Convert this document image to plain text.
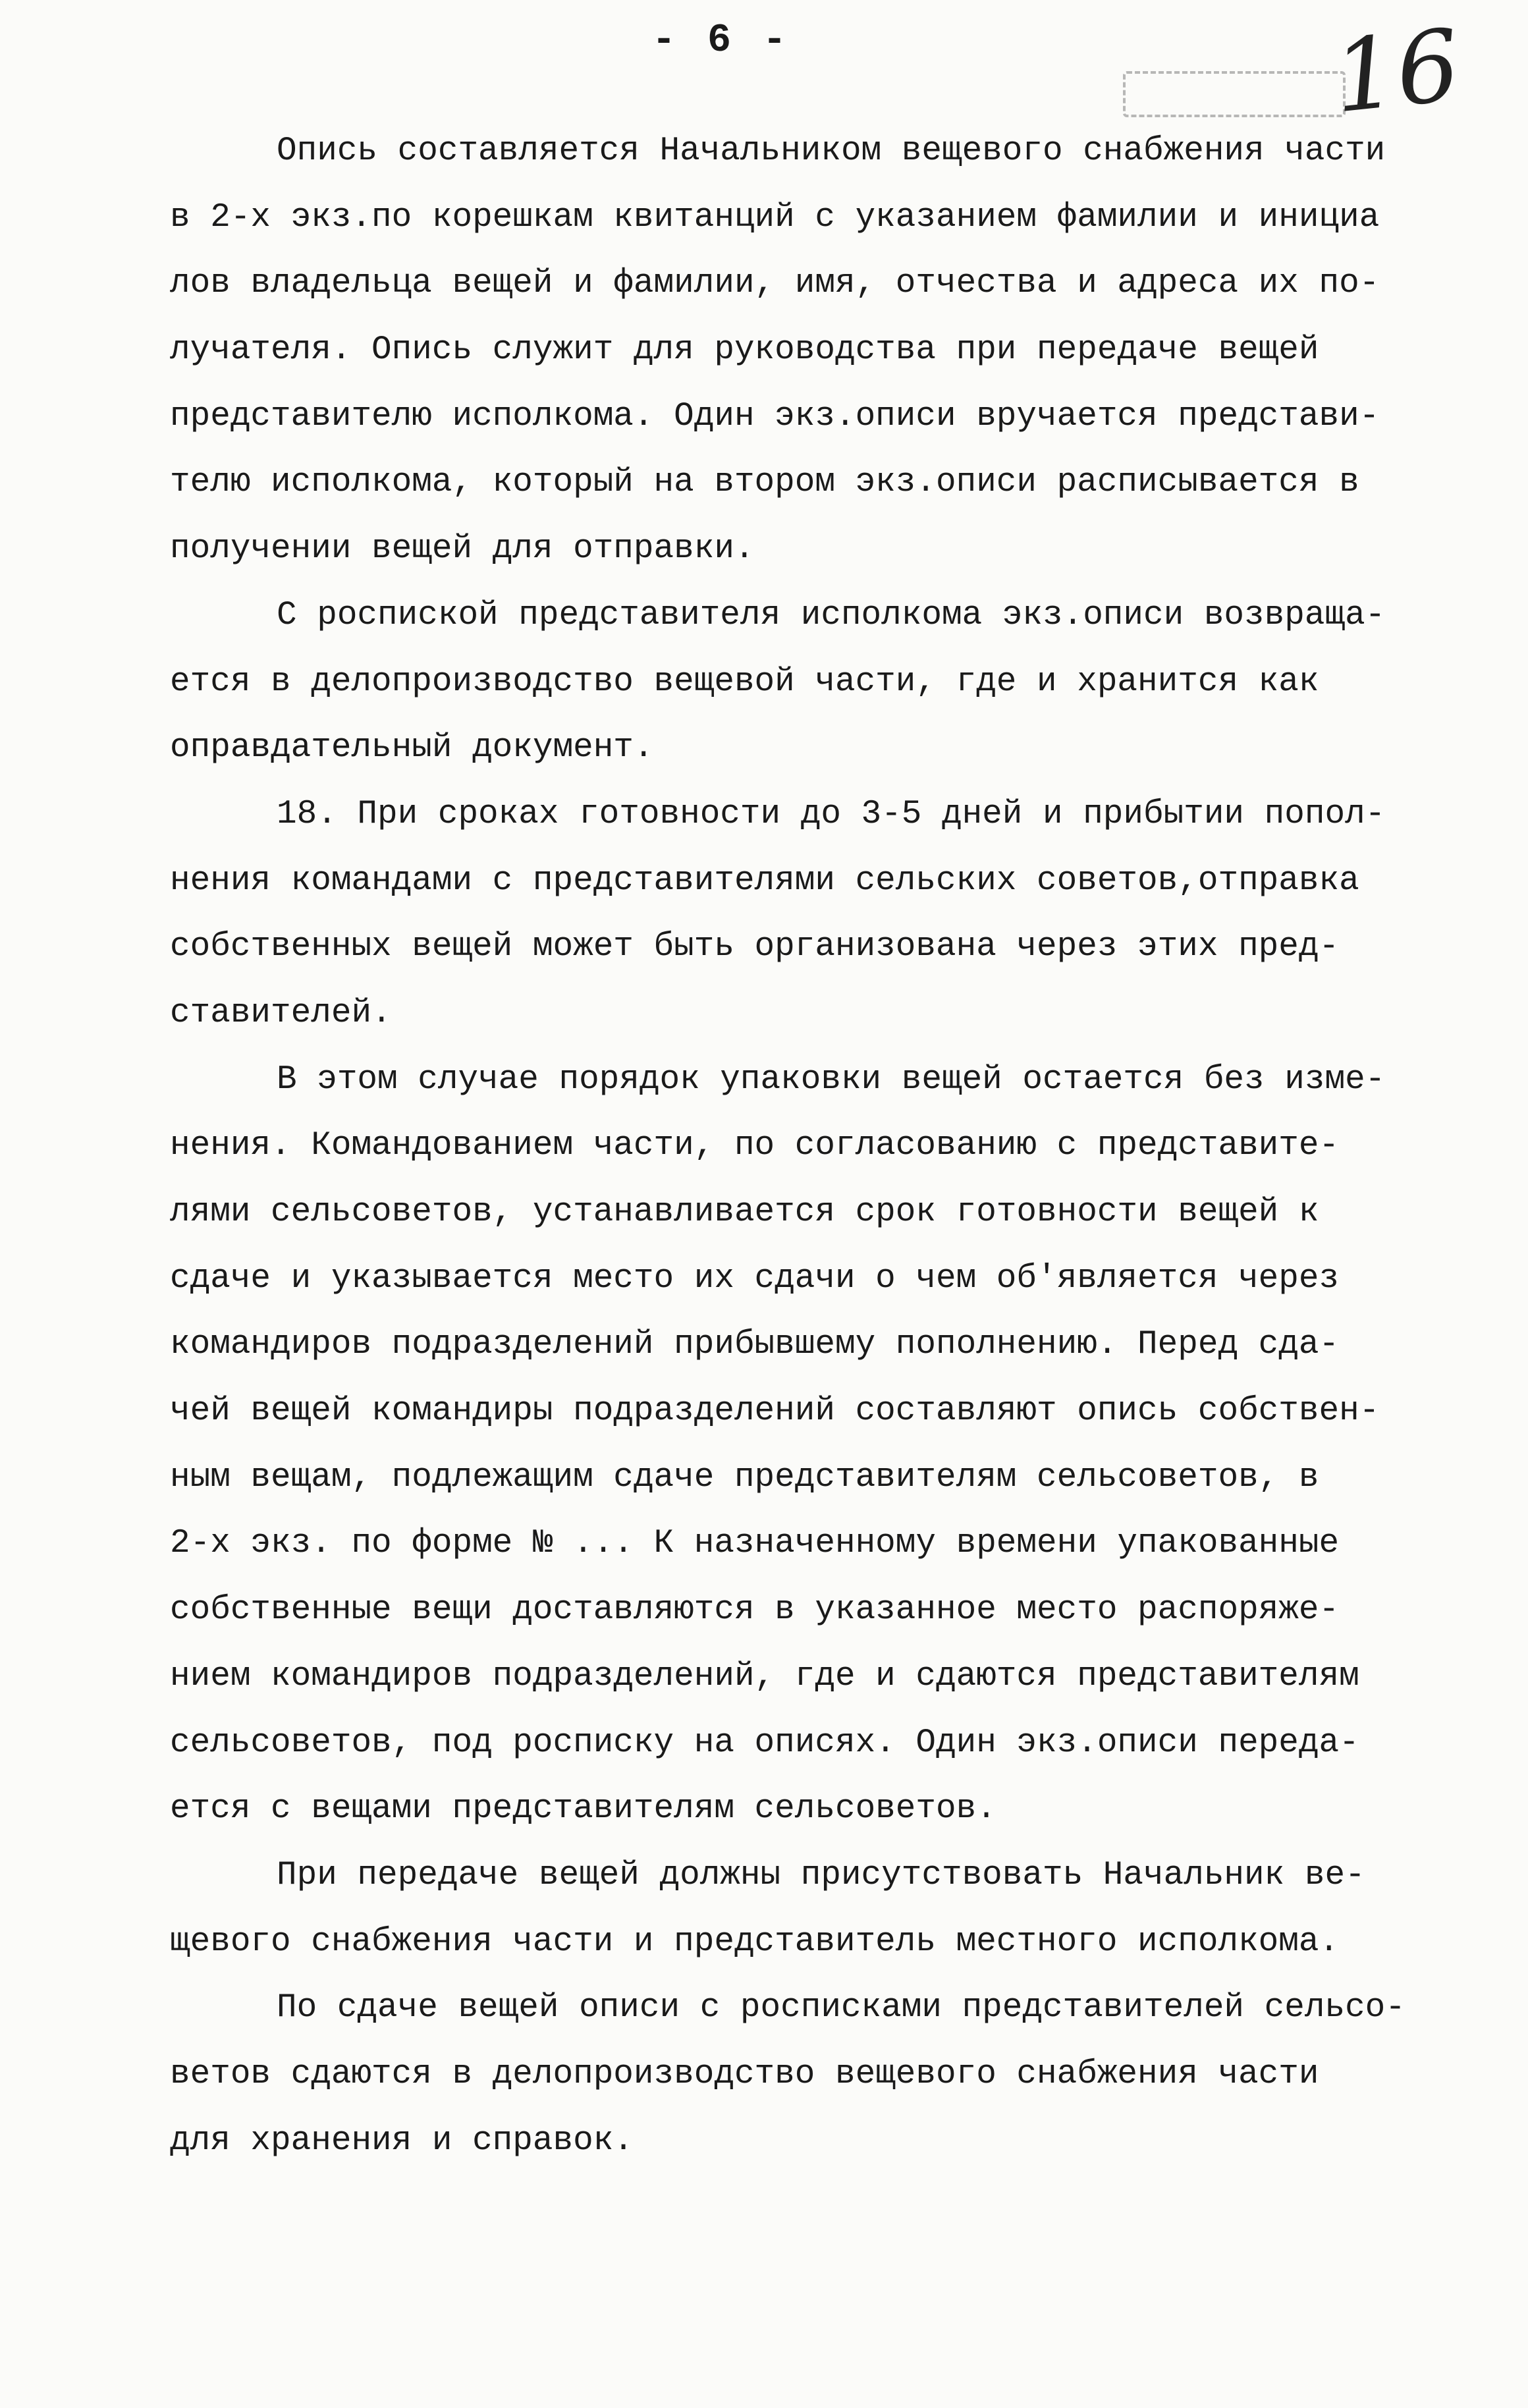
- 6 -	16
Опись составляется Начальником вещевого снабжения части
в 2-х экз.по корешкам квитанций с указанием фамилии и инициа
лов владельца вещей и фамилии, имя, отчества и адреса их по-
лучателя. Опись служит для руководства при передаче вещей
представителю исполкома. Один экз.описи вручается представи-
телю исполкома, который на втором экз.описи расписывается в
получении вещей для отправки.
С роспиской представителя исполкома экз.описи возвраща-
ется в делопроизводство вещевой части, где и хранится как
оправдательный документ.
18. При сроках готовности до 3-5 дней и прибытии попол-
нения командами с представителями сельских советов,отправка
собственных вещей может быть организована через этих пред-
ставителей.
В этом случае порядок упаковки вещей остается без изме-
нения. Командованием части, по согласованию с представите-
лями сельсоветов, устанавливается срок готовности вещей к
сдаче и указывается место их сдачи о чем об'является через
командиров подразделений прибывшему пополнению. Перед сда-
чей вещей командиры подразделений составляют опись собствен-
ным вещам, подлежащим сдаче представителям сельсоветов, в
2-х экз. по форме № ... К назначенному времени упакованные
собственные вещи доставляются в указанное место распоряже-
нием командиров подразделений, где и сдаются представителям
сельсоветов, под росписку на описях. Один экз.описи переда-
ется с вещами представителям сельсоветов.
При передаче вещей должны присутствовать Начальник ве-
щевого снабжения части и представитель местного исполкома.
По сдаче вещей описи с росписками представителей сельсо-
ветов сдаются в делопроизводство вещевого снабжения части
для хранения и справок.
